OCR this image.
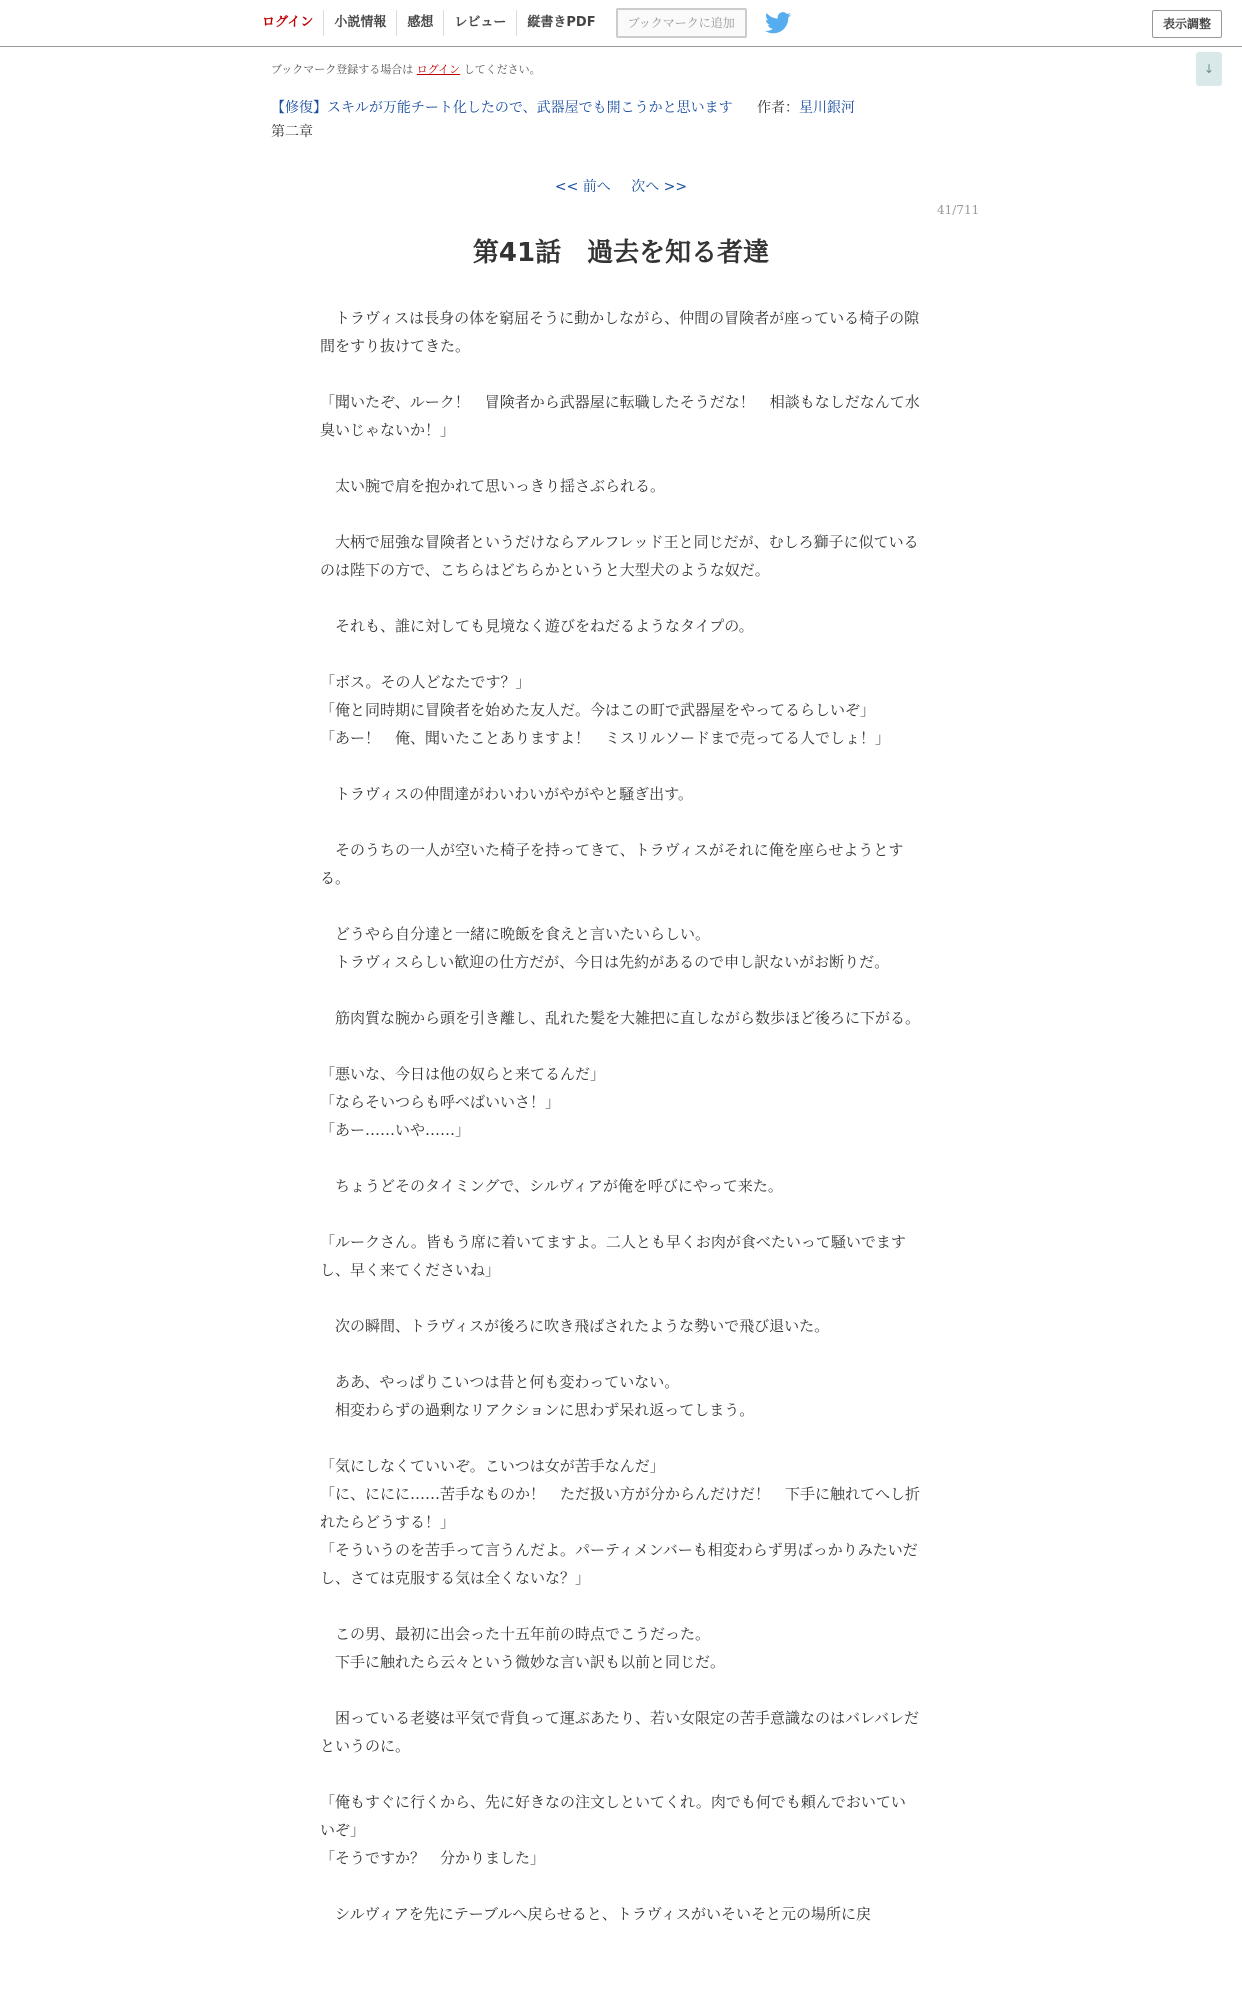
ログイン	小説情報	感想	レビュー	縦書きPDF	ブックマークに追加	表示調整
↓
ブックマーク登録する場合は ログイン してください。
【修復】スキルが万能チート化したので、武器屋でも開こうかと思います 作者：星川銀河
第二章
<< 前へ 次へ >>
41/711
第41話　過去を知る者達

　トラヴィスは長身の体を窮屈そうに動かしながら、仲間の冒険者が座っている椅子の隙間をすり抜けてきた。

「聞いたぞ、ルーク！　冒険者から武器屋に転職したそうだな！　相談もなしだなんて水臭いじゃないか！」

　太い腕で肩を抱かれて思いっきり揺さぶられる。

　大柄で屈強な冒険者というだけならアルフレッド王と同じだが、むしろ獅子に似ているのは陛下の方で、こちらはどちらかというと大型犬のような奴だ。

　それも、誰に対しても見境なく遊びをねだるようなタイプの。

「ボス。その人どなたです？」

「俺と同時期に冒険者を始めた友人だ。今はこの町で武器屋をやってるらしいぞ」

「あー！　俺、聞いたことありますよ！　ミスリルソードまで売ってる人でしょ！」

　トラヴィスの仲間達がわいわいがやがやと騒ぎ出す。

　そのうちの一人が空いた椅子を持ってきて、トラヴィスがそれに俺を座らせようとする。

　どうやら自分達と一緒に晩飯を食えと言いたいらしい。

　トラヴィスらしい歓迎の仕方だが、今日は先約があるので申し訳ないがお断りだ。

　筋肉質な腕から頭を引き離し、乱れた髪を大雑把に直しながら数歩ほど後ろに下がる。

「悪いな、今日は他の奴らと来てるんだ」

「ならそいつらも呼べばいいさ！」

「あー……いや……」

　ちょうどそのタイミングで、シルヴィアが俺を呼びにやって来た。

「ルークさん。皆もう席に着いてますよ。二人とも早くお肉が食べたいって騒いでますし、早く来てくださいね」

　次の瞬間、トラヴィスが後ろに吹き飛ばされたような勢いで飛び退いた。

　ああ、やっぱりこいつは昔と何も変わっていない。

　相変わらずの過剰なリアクションに思わず呆れ返ってしまう。

「気にしなくていいぞ。こいつは女が苦手なんだ」

「に、ににに……苦手なものか！　ただ扱い方が分からんだけだ！　下手に触れてへし折れたらどうする！」

「そういうのを苦手って言うんだよ。パーティメンバーも相変わらず男ばっかりみたいだし、さては克服する気は全くないな？」

　この男、最初に出会った十五年前の時点でこうだった。

　下手に触れたら云々という微妙な言い訳も以前と同じだ。

　困っている老婆は平気で背負って運ぶあたり、若い女限定の苦手意識なのはバレバレだというのに。

「俺もすぐに行くから、先に好きなの注文しといてくれ。肉でも何でも頼んでおいていいぞ」

「そうですか？　分かりました」

　シルヴィアを先にテーブルへ戻らせると、トラヴィスがいそいそと元の場所に戻
